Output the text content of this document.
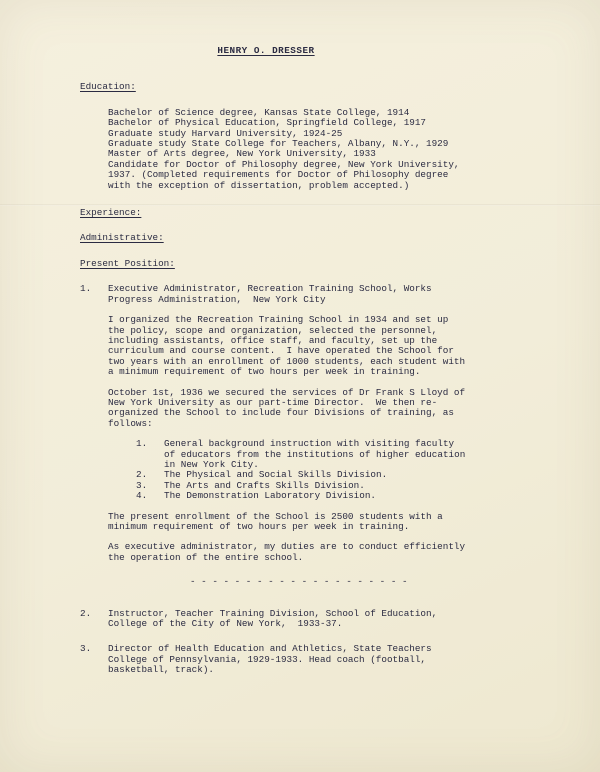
HENRY O. DRESSER
Education:
Bachelor of Science degree, Kansas State College, 1914
Bachelor of Physical Education, Springfield College, 1917
Graduate study Harvard University, 1924-25
Graduate study State College for Teachers, Albany, N.Y., 1929
Master of Arts degree, New York University, 1933
Candidate for Doctor of Philosophy degree, New York University, 1937. (Completed requirements for Doctor of Philosophy degree with the exception of dissertation, problem accepted.)
Experience:
Administrative:
Present Position:
1.	Executive Administrator, Recreation Training School, Works Progress Administration,  New York City
I organized the Recreation Training School in 1934 and set up the policy, scope and organization, selected the personnel, including assistants, office staff, and faculty, set up the curriculum and course content.  I have operated the School for two years with an enrollment of 1000 students, each student with a minimum requirement of two hours per week in training.
October 1st, 1936 we secured the services of Dr Frank S Lloyd of New York University as our part-time Director.  We then re-organized the School to include four Divisions of training, as follows:
1.	General background instruction with visiting faculty of educators from the institutions of higher education in New York City.
2.	The Physical and Social Skills Division.
3.	The Arts and Crafts Skills Division.
4.	The Demonstration Laboratory Division.
The present enrollment of the School is 2500 students with a minimum requirement of two hours per week in training.
As executive administrator, my duties are to conduct efficiently the operation of the entire school.
- - - - - - - - - - - - - - - - - - - -
2.	Instructor, Teacher Training Division, School of Education, College of the City of New York,  1933-37.
3.	Director of Health Education and Athletics, State Teachers College of Pennsylvania, 1929-1933. Head coach (football, basketball, track).
